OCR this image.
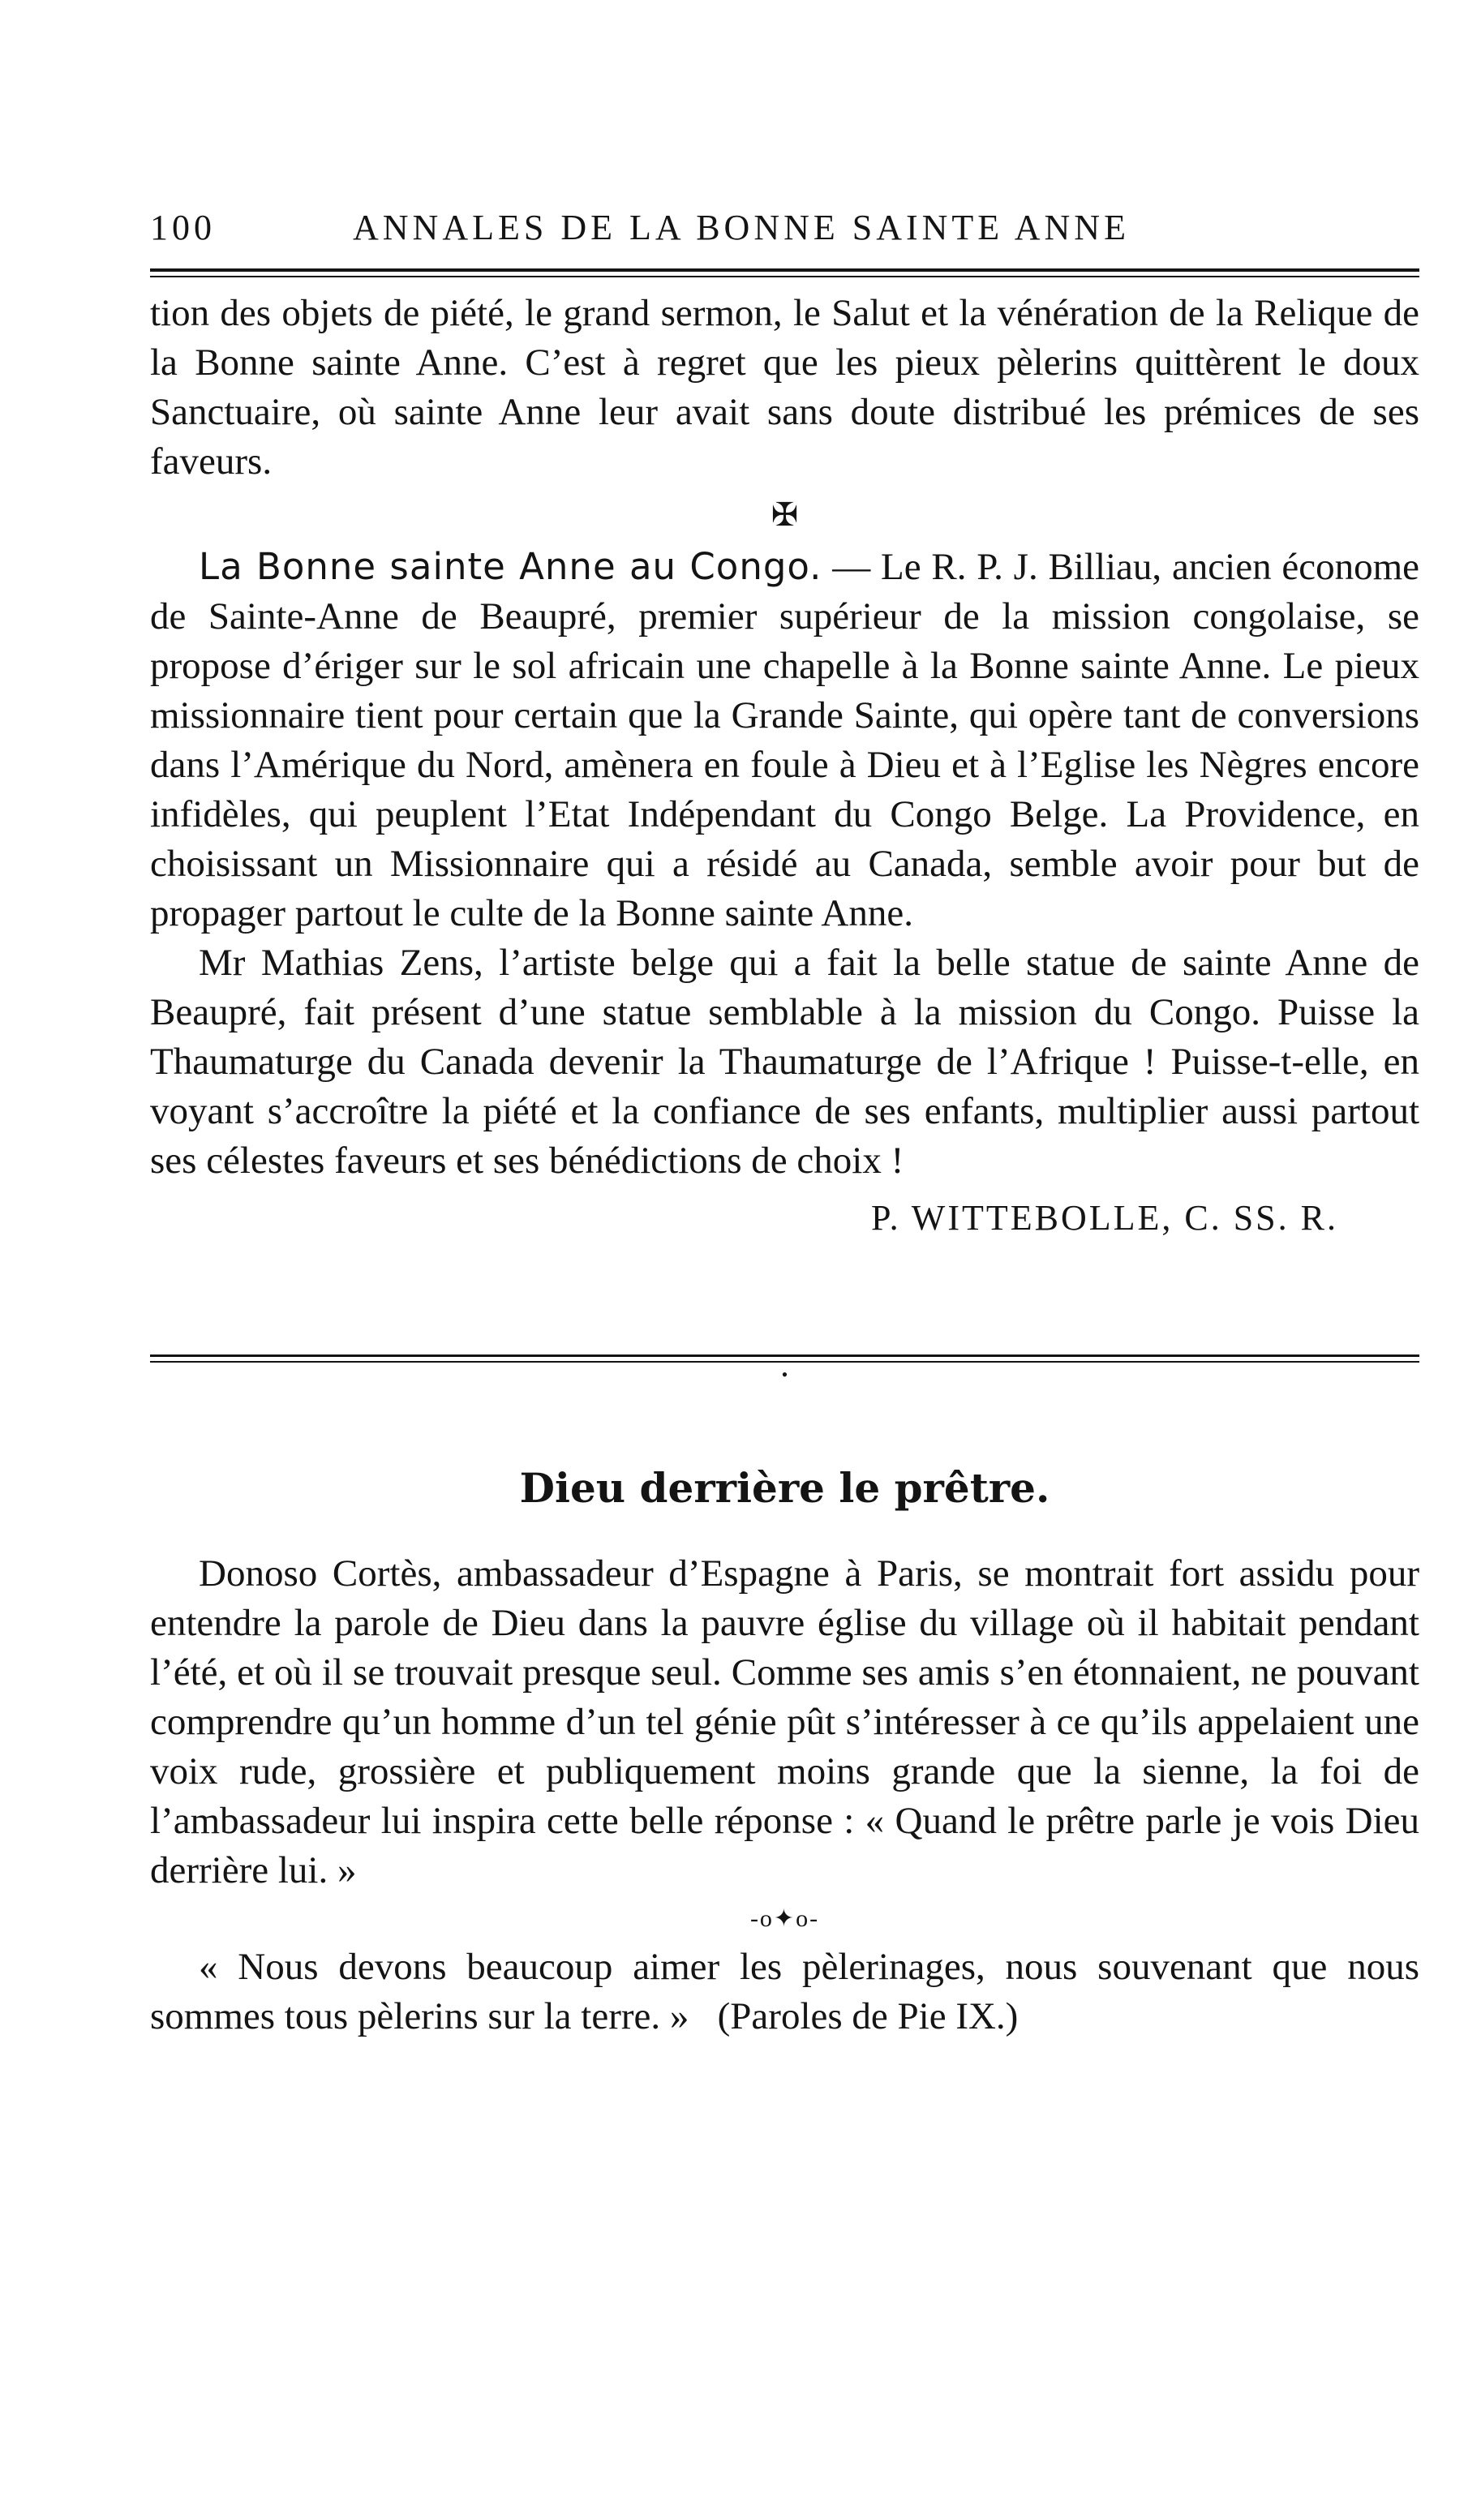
100	ANNALES DE LA BONNE SAINTE ANNE

tion des objets de piété, le grand sermon, le Salut et la vénération de la Relique de la Bonne sainte Anne. C’est à regret que les pieux pèlerins quittèrent le doux Sanctuaire, où sainte Anne leur avait sans doute distribué les prémices de ses faveurs.

✠

La Bonne sainte Anne au Congo. — Le R. P. J. Billiau, ancien économe de Sainte-Anne de Beaupré, premier supérieur de la mission congolaise, se propose d’ériger sur le sol africain une chapelle à la Bonne sainte Anne. Le pieux missionnaire tient pour certain que la Grande Sainte, qui opère tant de conversions dans l’Amérique du Nord, amènera en foule à Dieu et à l’Eglise les Nègres encore infidèles, qui peuplent l’Etat Indépendant du Congo Belge. La Providence, en choisissant un Missionnaire qui a résidé au Canada, semble avoir pour but de propager partout le culte de la Bonne sainte Anne.

Mr Mathias Zens, l’artiste belge qui a fait la belle statue de sainte Anne de Beaupré, fait présent d’une statue semblable à la mission du Congo. Puisse la Thaumaturge du Canada devenir la Thaumaturge de l’Afrique ! Puisse-t-elle, en voyant s’accroître la piété et la confiance de ses enfants, multiplier aussi partout ses célestes faveurs et ses bénédictions de choix !

P. WITTEBOLLE, C. SS. R.
•
Dieu derrière le prêtre.

Donoso Cortès, ambassadeur d’Espagne à Paris, se montrait fort assidu pour entendre la parole de Dieu dans la pauvre église du village où il habitait pendant l’été, et où il se trouvait presque seul. Comme ses amis s’en étonnaient, ne pouvant comprendre qu’un homme d’un tel génie pût s’intéresser à ce qu’ils appelaient une voix rude, grossière et publiquement moins grande que la sienne, la foi de l’ambassadeur lui inspira cette belle réponse : « Quand le prêtre parle je vois Dieu derrière lui. »

-o✦o-

« Nous devons beaucoup aimer les pèlerinages, nous souvenant que nous sommes tous pèlerins sur la terre. » (Paroles de Pie IX.)
